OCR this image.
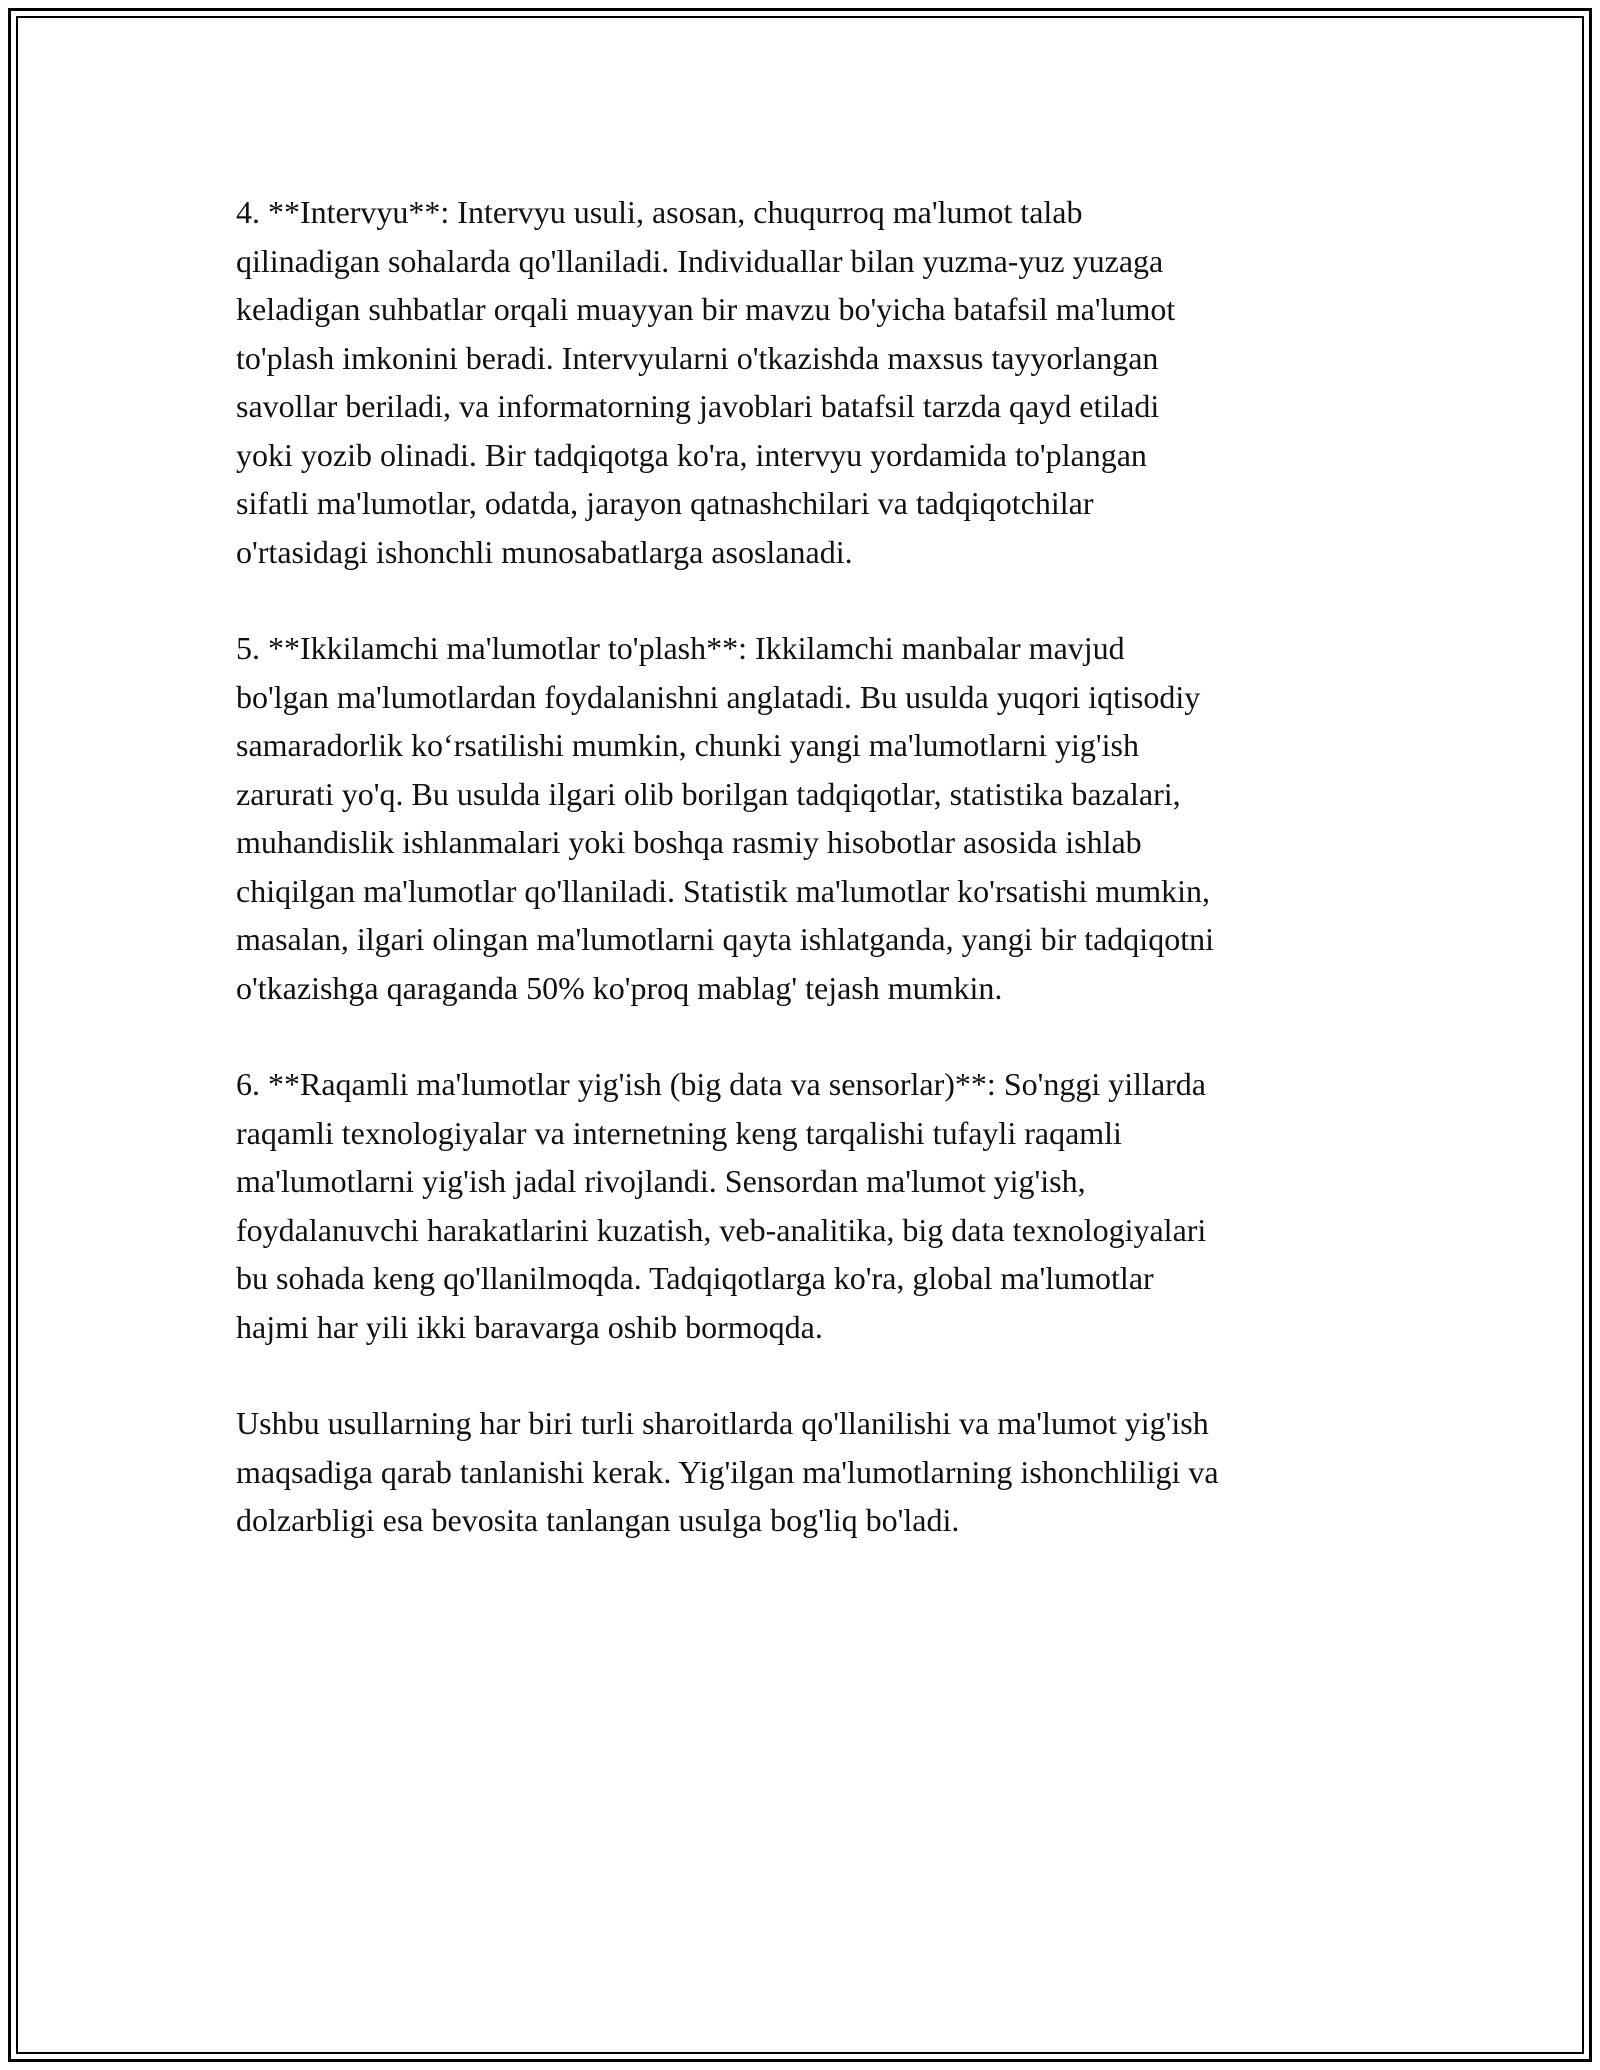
4. **Intervyu**: Intervyu usuli, asosan, chuqurroq ma'lumot talab
qilinadigan sohalarda qo'llaniladi. Individuallar bilan yuzma-yuz yuzaga
keladigan suhbatlar orqali muayyan bir mavzu bo'yicha batafsil ma'lumot
to'plash imkonini beradi. Intervyularni o'tkazishda maxsus tayyorlangan
savollar beriladi, va informatorning javoblari batafsil tarzda qayd etiladi
yoki yozib olinadi. Bir tadqiqotga ko'ra, intervyu yordamida to'plangan
sifatli ma'lumotlar, odatda, jarayon qatnashchilari va tadqiqotchilar
o'rtasidagi ishonchli munosabatlarga asoslanadi.

5. **Ikkilamchi ma'lumotlar to'plash**: Ikkilamchi manbalar mavjud
bo'lgan ma'lumotlardan foydalanishni anglatadi. Bu usulda yuqori iqtisodiy
samaradorlik ko‘rsatilishi mumkin, chunki yangi ma'lumotlarni yig'ish
zarurati yo'q. Bu usulda ilgari olib borilgan tadqiqotlar, statistika bazalari,
muhandislik ishlanmalari yoki boshqa rasmiy hisobotlar asosida ishlab
chiqilgan ma'lumotlar qo'llaniladi. Statistik ma'lumotlar ko'rsatishi mumkin,
masalan, ilgari olingan ma'lumotlarni qayta ishlatganda, yangi bir tadqiqotni
o'tkazishga qaraganda 50% ko'proq mablag' tejash mumkin.

6. **Raqamli ma'lumotlar yig'ish (big data va sensorlar)**: So'nggi yillarda
raqamli texnologiyalar va internetning keng tarqalishi tufayli raqamli
ma'lumotlarni yig'ish jadal rivojlandi. Sensordan ma'lumot yig'ish,
foydalanuvchi harakatlarini kuzatish, veb-analitika, big data texnologiyalari
bu sohada keng qo'llanilmoqda. Tadqiqotlarga ko'ra, global ma'lumotlar
hajmi har yili ikki baravarga oshib bormoqda.

Ushbu usullarning har biri turli sharoitlarda qo'llanilishi va ma'lumot yig'ish
maqsadiga qarab tanlanishi kerak. Yig'ilgan ma'lumotlarning ishonchliligi va
dolzarbligi esa bevosita tanlangan usulga bog'liq bo'ladi.
